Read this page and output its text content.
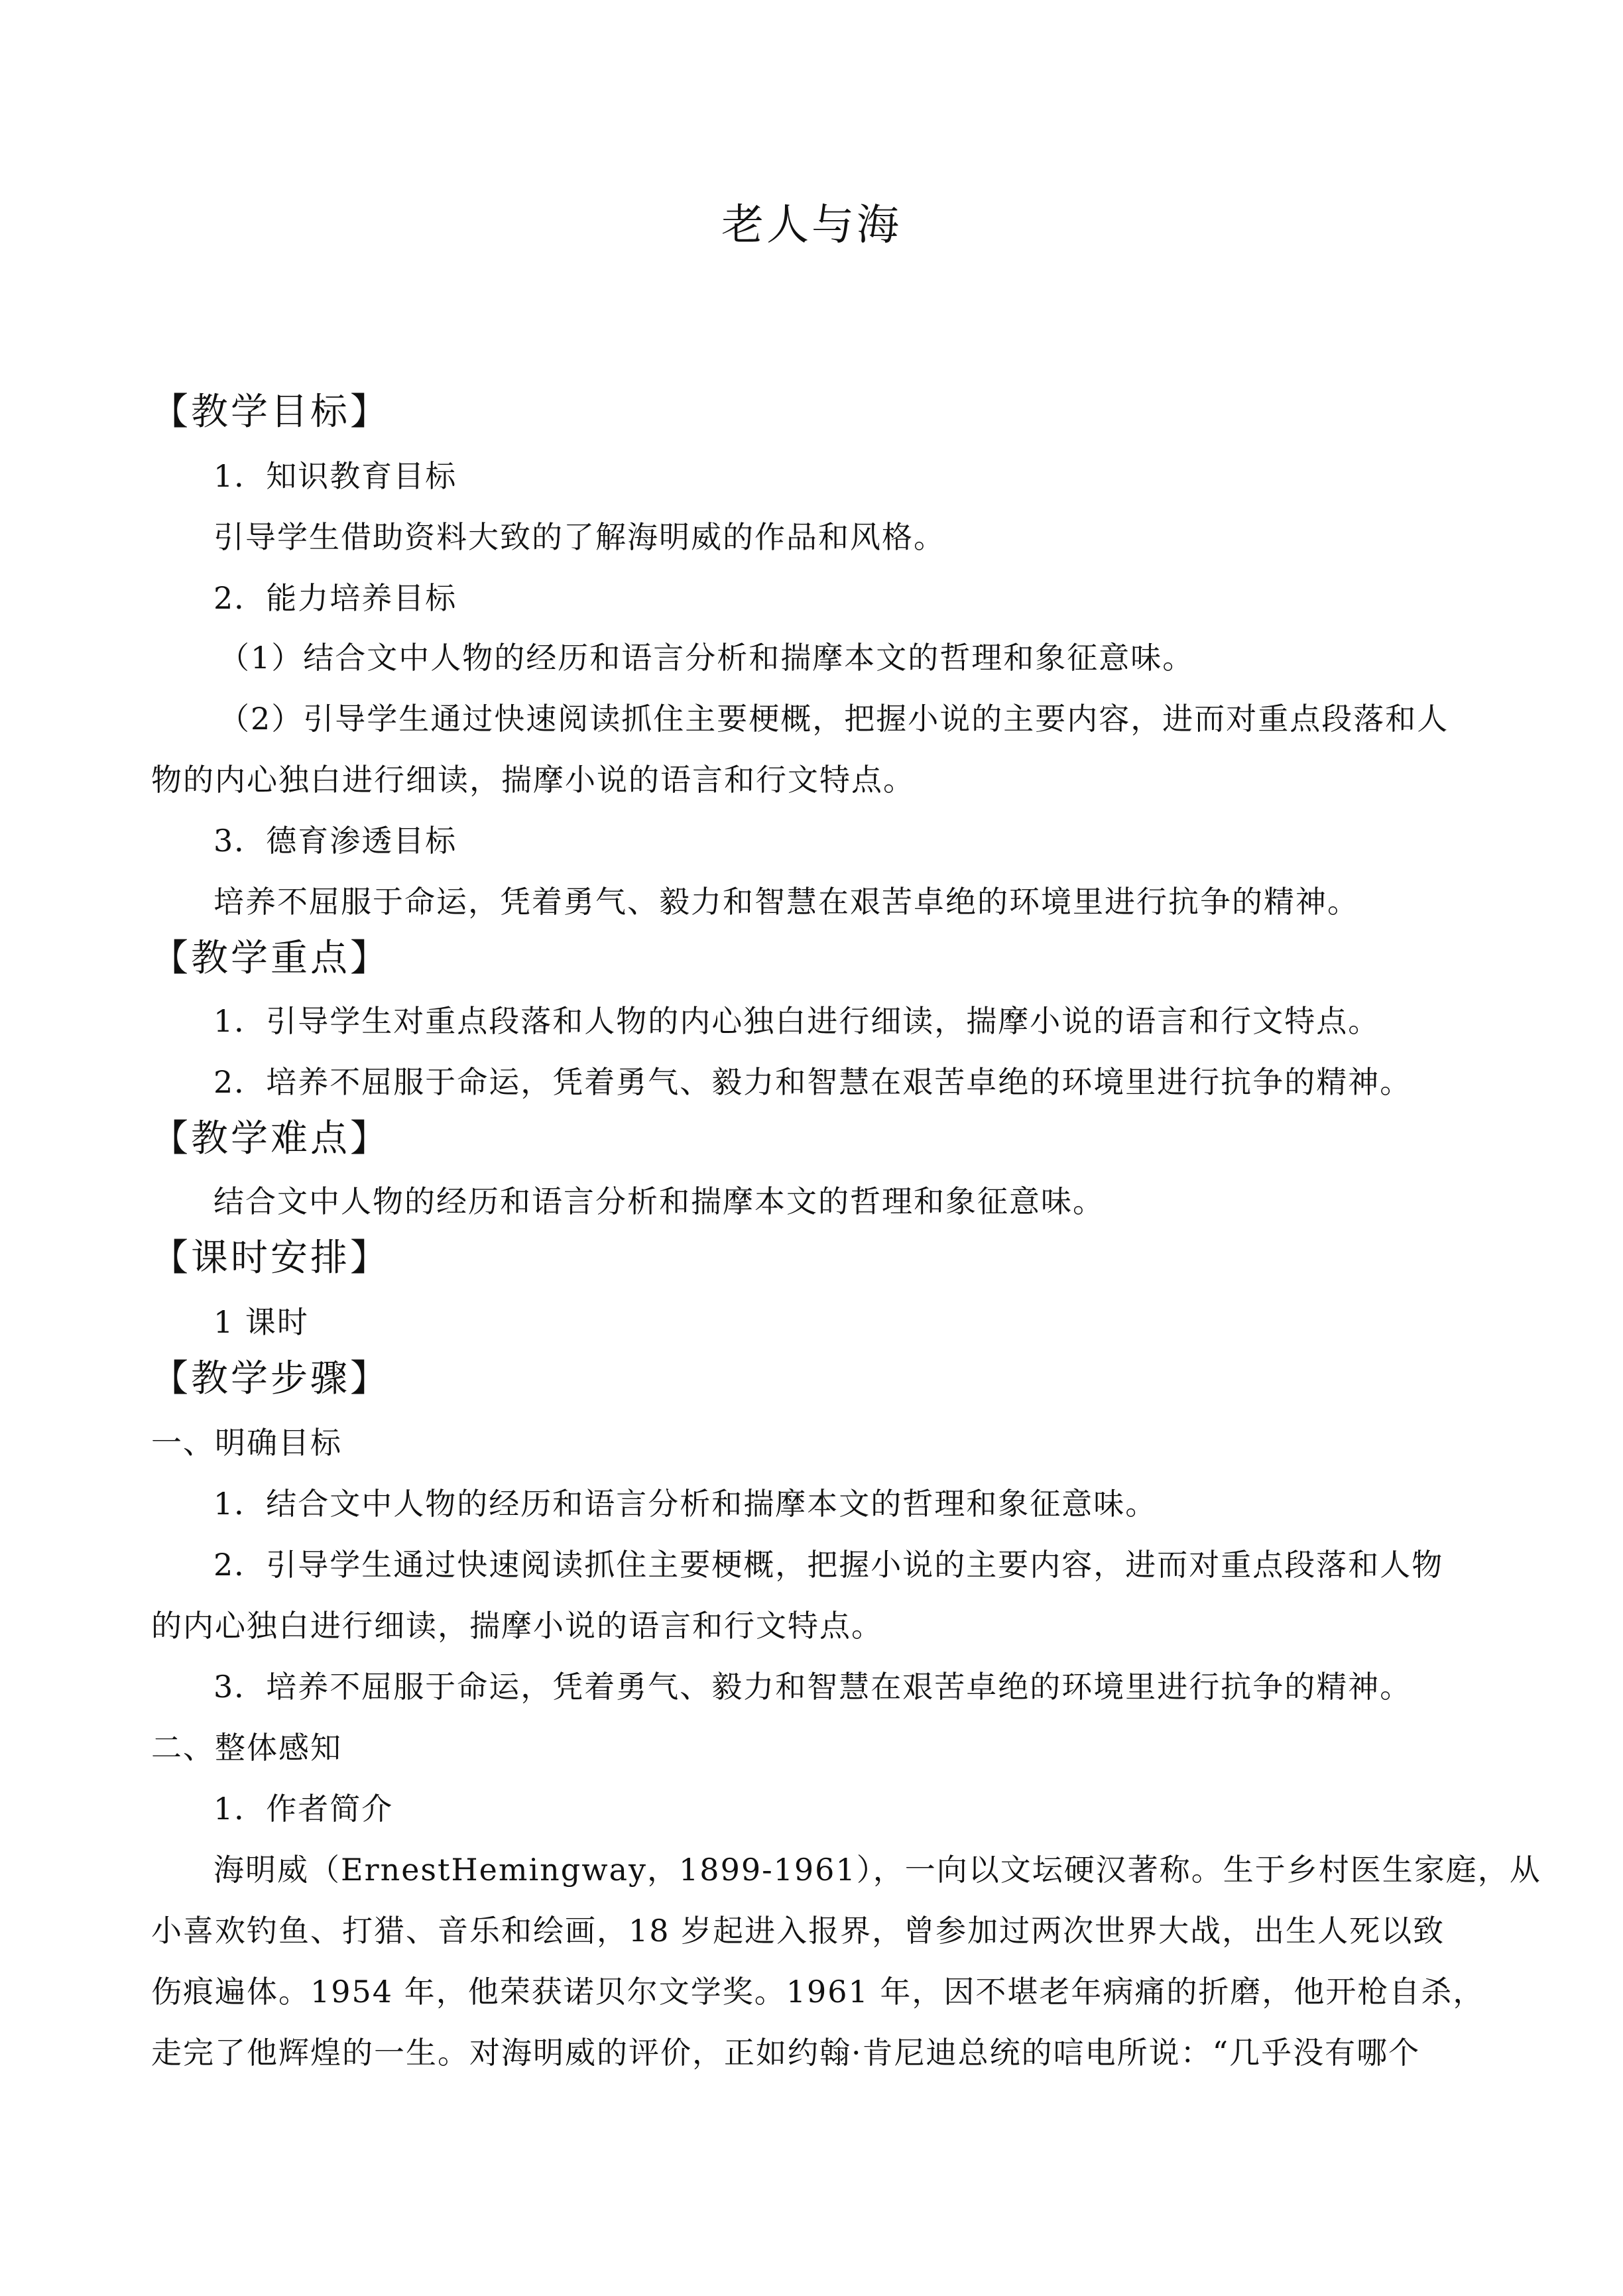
老人与海
【教学目标】
1．知识教育目标
引导学生借助资料大致的了解海明威的作品和风格。
2．能力培养目标
（1）结合文中人物的经历和语言分析和揣摩本文的哲理和象征意味。
（2）引导学生通过快速阅读抓住主要梗概，把握小说的主要内容，进而对重点段落和人
物的内心独白进行细读，揣摩小说的语言和行文特点。
3．德育渗透目标
培养不屈服于命运，凭着勇气、毅力和智慧在艰苦卓绝的环境里进行抗争的精神。
【教学重点】
1．引导学生对重点段落和人物的内心独白进行细读，揣摩小说的语言和行文特点。
2．培养不屈服于命运，凭着勇气、毅力和智慧在艰苦卓绝的环境里进行抗争的精神。
【教学难点】
结合文中人物的经历和语言分析和揣摩本文的哲理和象征意味。
【课时安排】
1 课时
【教学步骤】
一、明确目标
1．结合文中人物的经历和语言分析和揣摩本文的哲理和象征意味。
2．引导学生通过快速阅读抓住主要梗概，把握小说的主要内容，进而对重点段落和人物
的内心独白进行细读，揣摩小说的语言和行文特点。
3．培养不屈服于命运，凭着勇气、毅力和智慧在艰苦卓绝的环境里进行抗争的精神。
二、整体感知
1．作者简介
海明威（ErnestHemingway，1899-1961），一向以文坛硬汉著称。生于乡村医生家庭，从
小喜欢钓鱼、打猎、音乐和绘画，18 岁起进入报界，曾参加过两次世界大战，出生人死以致
伤痕遍体。1954 年，他荣获诺贝尔文学奖。1961 年，因不堪老年病痛的折磨，他开枪自杀，
走完了他辉煌的一生。对海明威的评价，正如约翰·肯尼迪总统的唁电所说：“几乎没有哪个
